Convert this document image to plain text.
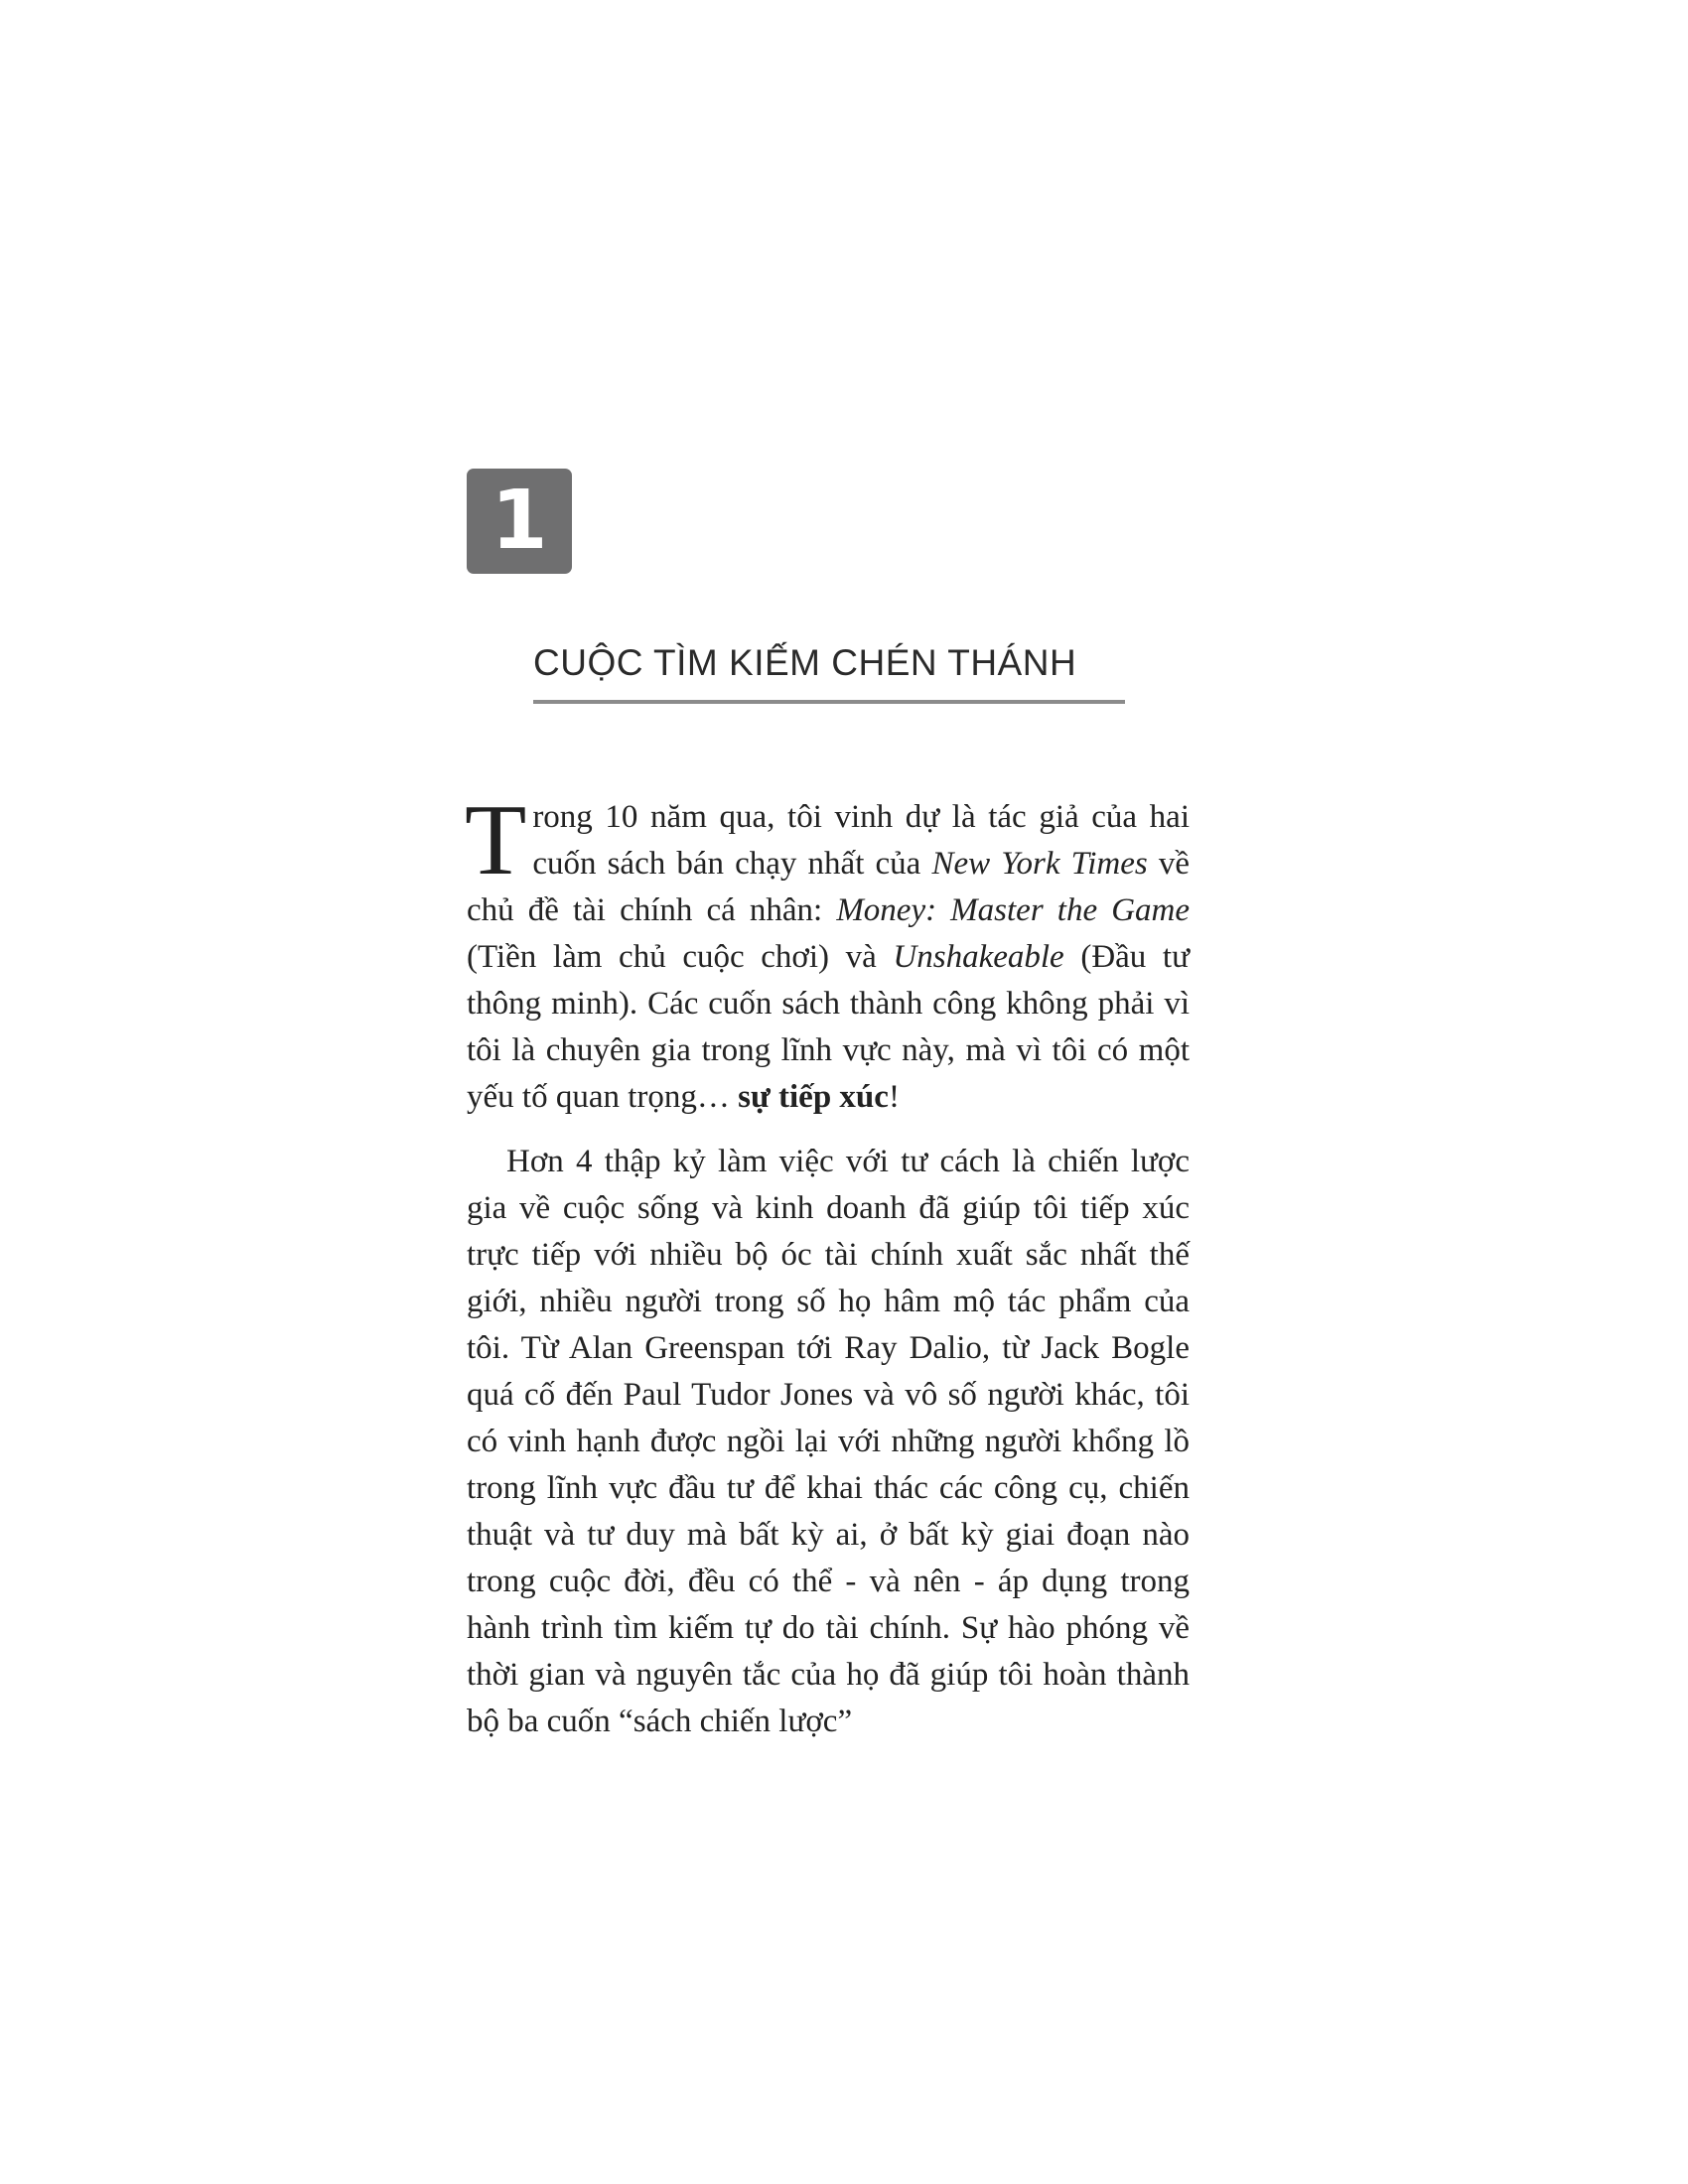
1
CUỘC TÌM KIẾM CHÉN THÁNH

Trong 10 năm qua, tôi vinh dự là tác giả của hai cuốn sách bán chạy nhất của New York Times về chủ đề tài chính cá nhân: Money: Master the Game (Tiền làm chủ cuộc chơi) và Unshakeable (Đầu tư thông minh). Các cuốn sách thành công không phải vì tôi là chuyên gia trong lĩnh vực này, mà vì tôi có một yếu tố quan trọng… sự tiếp xúc!

Hơn 4 thập kỷ làm việc với tư cách là chiến lược gia về cuộc sống và kinh doanh đã giúp tôi tiếp xúc trực tiếp với nhiều bộ óc tài chính xuất sắc nhất thế giới, nhiều người trong số họ hâm mộ tác phẩm của tôi. Từ Alan Greenspan tới Ray Dalio, từ Jack Bogle quá cố đến Paul Tudor Jones và vô số người khác, tôi có vinh hạnh được ngồi lại với những người khổng lồ trong lĩnh vực đầu tư để khai thác các công cụ, chiến thuật và tư duy mà bất kỳ ai, ở bất kỳ giai đoạn nào trong cuộc đời, đều có thể - và nên - áp dụng trong hành trình tìm kiếm tự do tài chính. Sự hào phóng về thời gian và nguyên tắc của họ đã giúp tôi hoàn thành bộ ba cuốn “sách chiến lược”
